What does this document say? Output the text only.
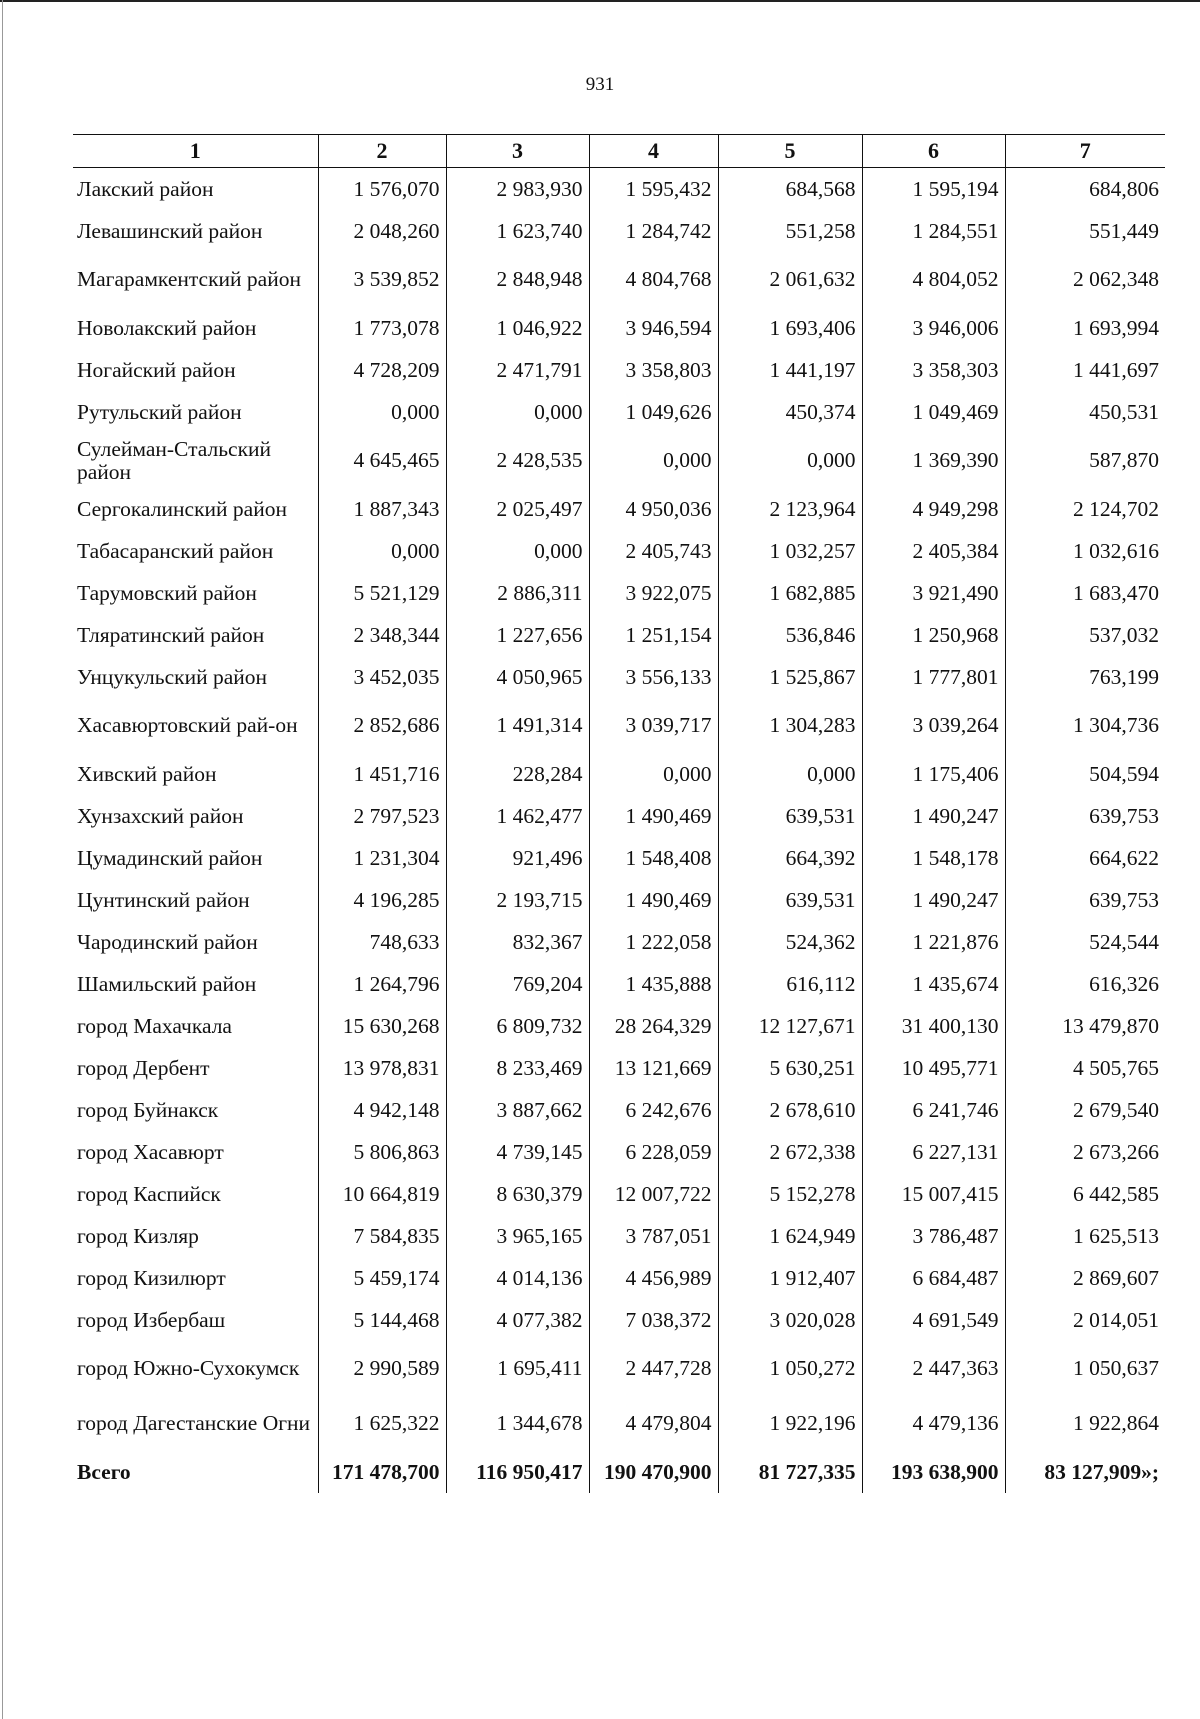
931
1	2	3	4	5	6	7
Лакский район	1 576,070	2 983,930	1 595,432	684,568	1 595,194	684,806
Левашинский район	2 048,260	1 623,740	1 284,742	551,258	1 284,551	551,449
Магарамкентский район	3 539,852	2 848,948	4 804,768	2 061,632	4 804,052	2 062,348
Новолакский район	1 773,078	1 046,922	3 946,594	1 693,406	3 946,006	1 693,994
Ногайский район	4 728,209	2 471,791	3 358,803	1 441,197	3 358,303	1 441,697
Рутульский район	0,000	0,000	1 049,626	450,374	1 049,469	450,531
Сулейман-Стальский район	4 645,465	2 428,535	0,000	0,000	1 369,390	587,870
Сергокалинский район	1 887,343	2 025,497	4 950,036	2 123,964	4 949,298	2 124,702
Табасаранский район	0,000	0,000	2 405,743	1 032,257	2 405,384	1 032,616
Тарумовский район	5 521,129	2 886,311	3 922,075	1 682,885	3 921,490	1 683,470
Тляратинский район	2 348,344	1 227,656	1 251,154	536,846	1 250,968	537,032
Унцукульский район	3 452,035	4 050,965	3 556,133	1 525,867	1 777,801	763,199
Хасавюртовский рай-он	2 852,686	1 491,314	3 039,717	1 304,283	3 039,264	1 304,736
Хивский район	1 451,716	228,284	0,000	0,000	1 175,406	504,594
Хунзахский район	2 797,523	1 462,477	1 490,469	639,531	1 490,247	639,753
Цумадинский район	1 231,304	921,496	1 548,408	664,392	1 548,178	664,622
Цунтинский район	4 196,285	2 193,715	1 490,469	639,531	1 490,247	639,753
Чародинский район	748,633	832,367	1 222,058	524,362	1 221,876	524,544
Шамильский район	1 264,796	769,204	1 435,888	616,112	1 435,674	616,326
город Махачкала	15 630,268	6 809,732	28 264,329	12 127,671	31 400,130	13 479,870
город Дербент	13 978,831	8 233,469	13 121,669	5 630,251	10 495,771	4 505,765
город Буйнакск	4 942,148	3 887,662	6 242,676	2 678,610	6 241,746	2 679,540
город Хасавюрт	5 806,863	4 739,145	6 228,059	2 672,338	6 227,131	2 673,266
город Каспийск	10 664,819	8 630,379	12 007,722	5 152,278	15 007,415	6 442,585
город Кизляр	7 584,835	3 965,165	3 787,051	1 624,949	3 786,487	1 625,513
город Кизилюрт	5 459,174	4 014,136	4 456,989	1 912,407	6 684,487	2 869,607
город Избербаш	5 144,468	4 077,382	7 038,372	3 020,028	4 691,549	2 014,051
город Южно-Сухокумск	2 990,589	1 695,411	2 447,728	1 050,272	2 447,363	1 050,637
город Дагестанские Огни	1 625,322	1 344,678	4 479,804	1 922,196	4 479,136	1 922,864
Всего	171 478,700	116 950,417	190 470,900	81 727,335	193 638,900	83 127,909»;
